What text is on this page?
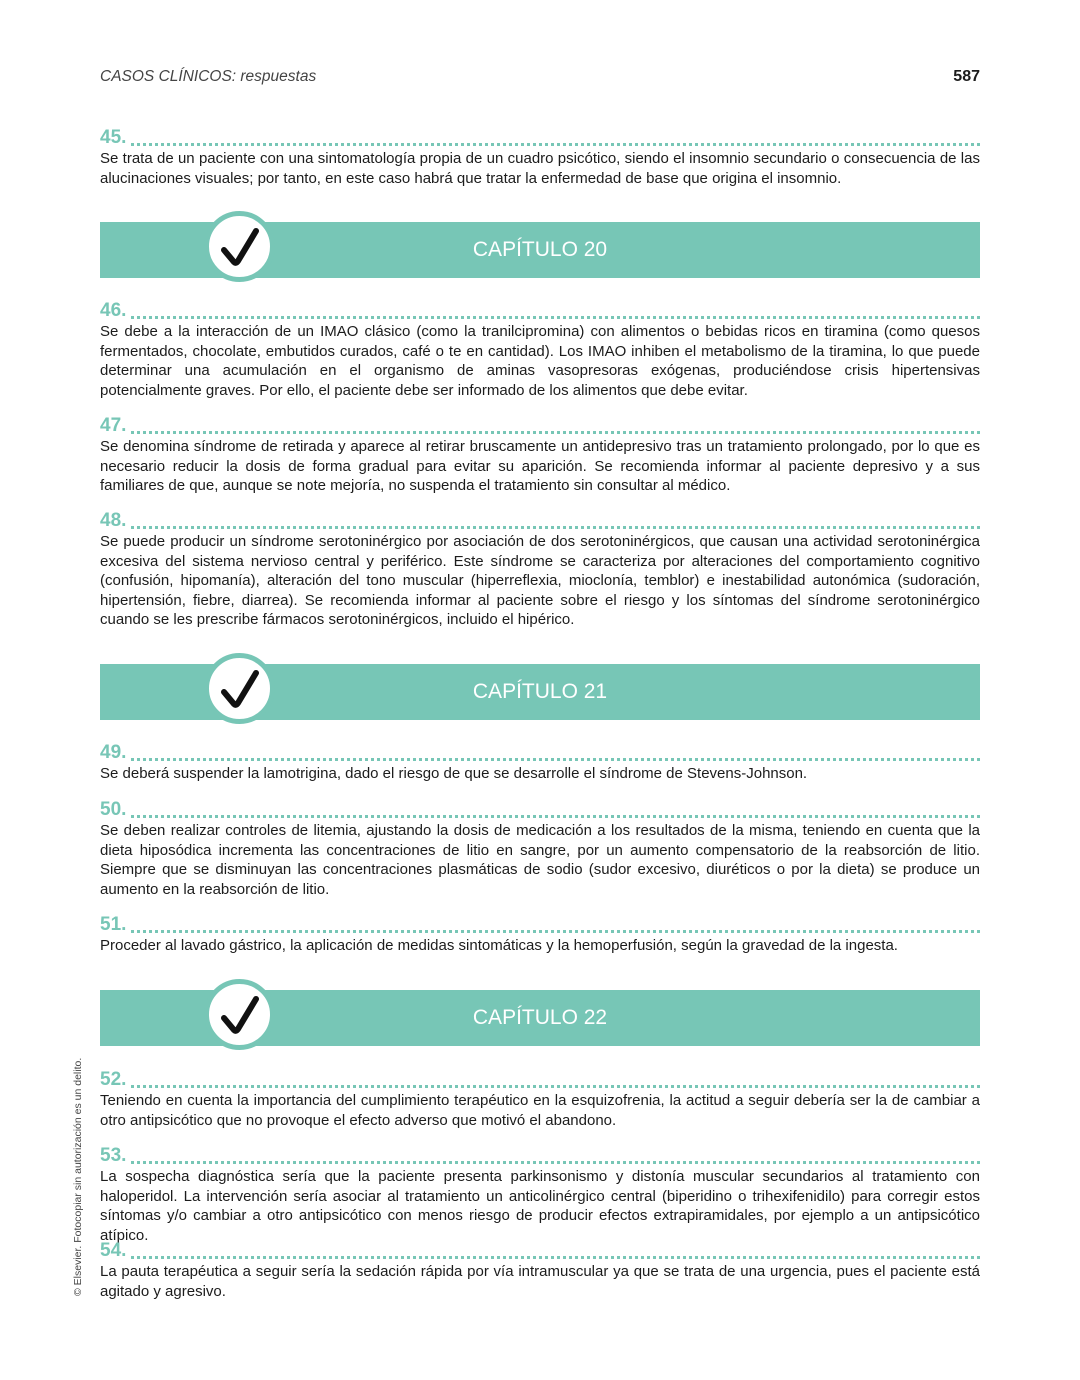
CASOS CLÍNICOS: respuestas	587
45.
Se trata de un paciente con una sintomatología propia de un cuadro psicótico, siendo el insomnio secundario o consecuencia de las alucinaciones visuales; por tanto, en este caso habrá que tratar la enfermedad de base que origina el insomnio.
CAPÍTULO 20
46.
Se debe a la interacción de un IMAO clásico (como la tranilcipromina) con alimentos o bebidas ricos en tiramina (como quesos fermentados, chocolate, embutidos curados, café o te en cantidad). Los IMAO inhiben el metabolismo de la tiramina, lo que puede determinar una acumulación en el organismo de aminas vasopresoras exógenas, produciéndose crisis hipertensivas potencialmente graves. Por ello, el paciente debe ser informado de los alimentos que debe evitar.
47.
Se denomina síndrome de retirada y aparece al retirar bruscamente un antidepresivo tras un tratamiento prolongado, por lo que es necesario reducir la dosis de forma gradual para evitar su aparición. Se recomienda informar al paciente depresivo y a sus familiares de que, aunque se note mejoría, no suspenda el tratamiento sin consultar al médico.
48.
Se puede producir un síndrome serotoninérgico por asociación de dos serotoninérgicos, que causan una actividad serotoninérgica excesiva del sistema nervioso central y periférico. Este síndrome se caracteriza por alteraciones del comportamiento cognitivo (confusión, hipomanía), alteración del tono muscular (hiperreflexia, mioclonía, temblor) e inestabilidad autonómica (sudoración, hipertensión, fiebre, diarrea). Se recomienda informar al paciente sobre el riesgo y los síntomas del síndrome serotoninérgico cuando se les prescribe fármacos serotoninérgicos, incluido el hipérico.
CAPÍTULO 21
49.
Se deberá suspender la lamotrigina, dado el riesgo de que se desarrolle el síndrome de Stevens-Johnson.
50.
Se deben realizar controles de litemia, ajustando la dosis de medicación a los resultados de la misma, teniendo en cuenta que la dieta hiposódica incrementa las concentraciones de litio en sangre, por un aumento compensatorio de la reabsorción de litio. Siempre que se disminuyan las concentraciones plasmáticas de sodio (sudor excesivo, diuréticos o por la dieta) se produce un aumento en la reabsorción de litio.
51.
Proceder al lavado gástrico, la aplicación de medidas sintomáticas y la hemoperfusión, según la gravedad de la ingesta.
CAPÍTULO 22
52.
Teniendo en cuenta la importancia del cumplimiento terapéutico en la esquizofrenia, la actitud a seguir debería ser la de cambiar a otro antipsicótico que no provoque el efecto adverso que motivó el abandono.
53.
La sospecha diagnóstica sería que la paciente presenta parkinsonismo y distonía muscular secundarios al tratamiento con haloperidol. La intervención sería asociar al tratamiento un anticolinérgico central (biperidino o trihexifenidilo) para corregir estos síntomas y/o cambiar a otro antipsicótico con menos riesgo de producir efectos extrapiramidales, por ejemplo a un antipsicótico atípico.
54.
La pauta terapéutica a seguir sería la sedación rápida por vía intramuscular ya que se trata de una urgencia, pues el paciente está agitado y agresivo.
© Elsevier. Fotocopiar sin autorización es un delito.
